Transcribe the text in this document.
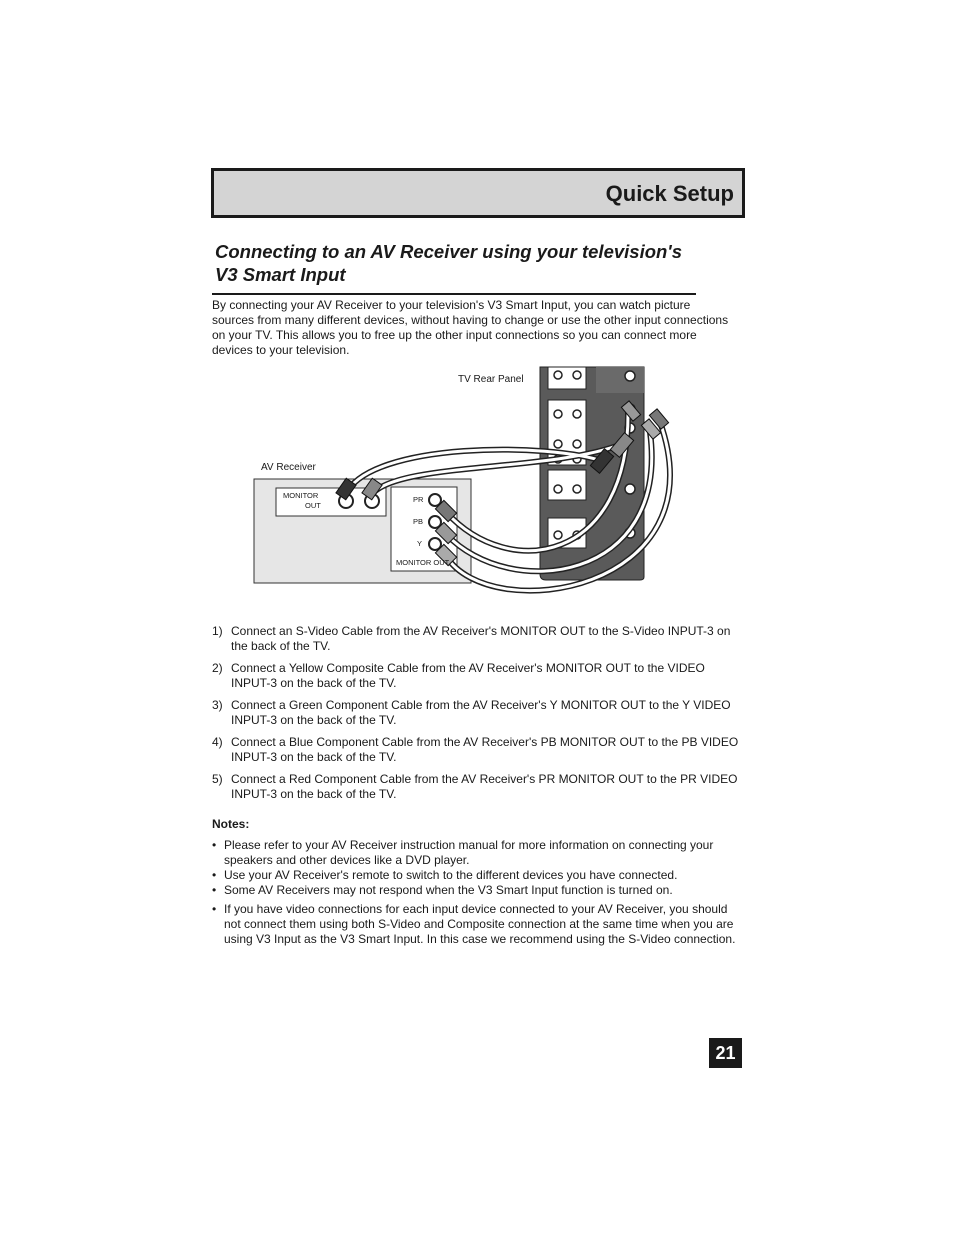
Quick Setup
Connecting to an AV Receiver using your television's
V3 Smart Input
By connecting your AV Receiver to your television's V3 Smart Input, you can watch picture sources from many different devices, without having to change or use the other input connections on your TV. This allows you to free up the other input connections so you can connect more devices to your television.
TV Rear Panel
AV Receiver
MONITOR
OUT
PR
PB
Y
MONITOR OUT
1) Connect an S-Video Cable from the AV Receiver's MONITOR OUT to the S-Video INPUT-3 on the back of the TV.
2) Connect a Yellow Composite Cable from the AV Receiver's MONITOR OUT to the VIDEO INPUT-3 on the back of the TV.
3) Connect a Green Component Cable from the AV Receiver's Y MONITOR OUT to the Y VIDEO INPUT-3 on the back of the TV.
4) Connect a Blue Component Cable from the AV Receiver's PB MONITOR OUT to the PB VIDEO INPUT-3 on the back of the TV.
5) Connect a Red Component Cable from the AV Receiver's PR MONITOR OUT to the PR VIDEO INPUT-3 on the back of the TV.
Notes:
• Please refer to your AV Receiver instruction manual for more information on connecting your speakers and other devices like a DVD player.
• Use your AV Receiver's remote to switch to the different devices you have connected.
• Some AV Receivers may not respond when the V3 Smart Input function is turned on.
• If you have video connections for each input device connected to your AV Receiver, you should not connect them using both S-Video and Composite connection at the same time when you are using V3 Input as the V3 Smart Input. In this case we recommend using the S-Video connection.
21
